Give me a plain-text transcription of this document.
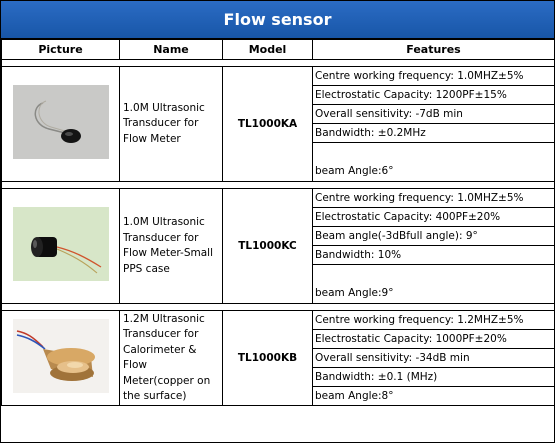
Flow sensor
Picture	Name	Model	Features

	1.0M Ultrasonic Transducer for Flow Meter	TL1000KA	Centre working frequency: 1.0MHZ±5%
			Electrostatic Capacity: 1200PF±15%
			Overall sensitivity: -7dB min
			Bandwidth: ±0.2MHz
			beam Angle:6°

	1.0M Ultrasonic Transducer for Flow Meter-Small PPS case	TL1000KC	Centre working frequency: 1.0MHZ±5%
			Electrostatic Capacity: 400PF±20%
			Beam angle(-3dBfull angle): 9°
			Bandwidth: 10%
			beam Angle:9°

	1.2M Ultrasonic Transducer for Calorimeter & Flow Meter(copper on the surface)	TL1000KB	Centre working frequency: 1.2MHZ±5%
			Electrostatic Capacity: 1000PF±20%
			Overall sensitivity: -34dB min
			Bandwidth: ±0.1 (MHz)
			beam Angle:8°
